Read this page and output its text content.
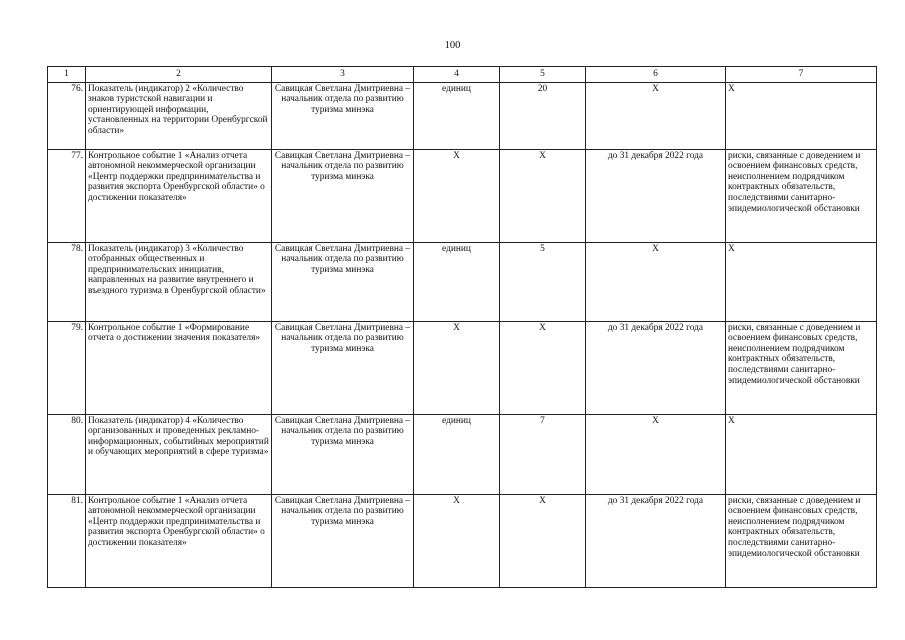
100
1	2	3	4	5	6	7
76.	Показатель (индикатор) 2 «Количество знаков туристской навигации и ориентирующей информации, установленных на территории Оренбургской области»	Савицкая Светлана Дмитриевна – начальник отдела по развитию туризма минэка	единиц	20	Х	Х
77.	Контрольное событие 1 «Анализ отчета автономной некоммерческой организации «Центр поддержки предпринимательства и развития экспорта Оренбургской области» о достижении показателя»	Савицкая Светлана Дмитриевна – начальник отдела по развитию туризма минэка	Х	Х	до 31 декабря 2022 года	риски, связанные с доведением и освоением финансовых средств, неисполнением подрядчиком контрактных обязательств, последствиями санитарно-эпидемиологической обстановки
78.	Показатель (индикатор) 3 «Количество отобранных общественных и предпринимательских инициатив, направленных на развитие внутреннего и въездного туризма в Оренбургской области»	Савицкая Светлана Дмитриевна – начальник отдела по развитию туризма минэка	единиц	5	Х	Х
79.	Контрольное событие 1 «Формирование отчета о достижении значения показателя»	Савицкая Светлана Дмитриевна – начальник отдела по развитию туризма минэка	Х	Х	до 31 декабря 2022 года	риски, связанные с доведением и освоением финансовых средств, неисполнением подрядчиком контрактных обязательств, последствиями санитарно-эпидемиологической обстановки
80.	Показатель (индикатор) 4 «Количество организованных и проведенных рекламно-информационных, событийных мероприятий и обучающих мероприятий в сфере туризма»	Савицкая Светлана Дмитриевна – начальник отдела по развитию туризма минэка	единиц	7	Х	Х
81.	Контрольное событие 1 «Анализ отчета автономной некоммерческой организации «Центр поддержки предпринимательства и развития экспорта Оренбургской области» о достижении показателя»	Савицкая Светлана Дмитриевна – начальник отдела по развитию туризма минэка	Х	Х	до 31 декабря 2022 года	риски, связанные с доведением и освоением финансовых средств, неисполнением подрядчиком контрактных обязательств, последствиями санитарно-эпидемиологической обстановки
